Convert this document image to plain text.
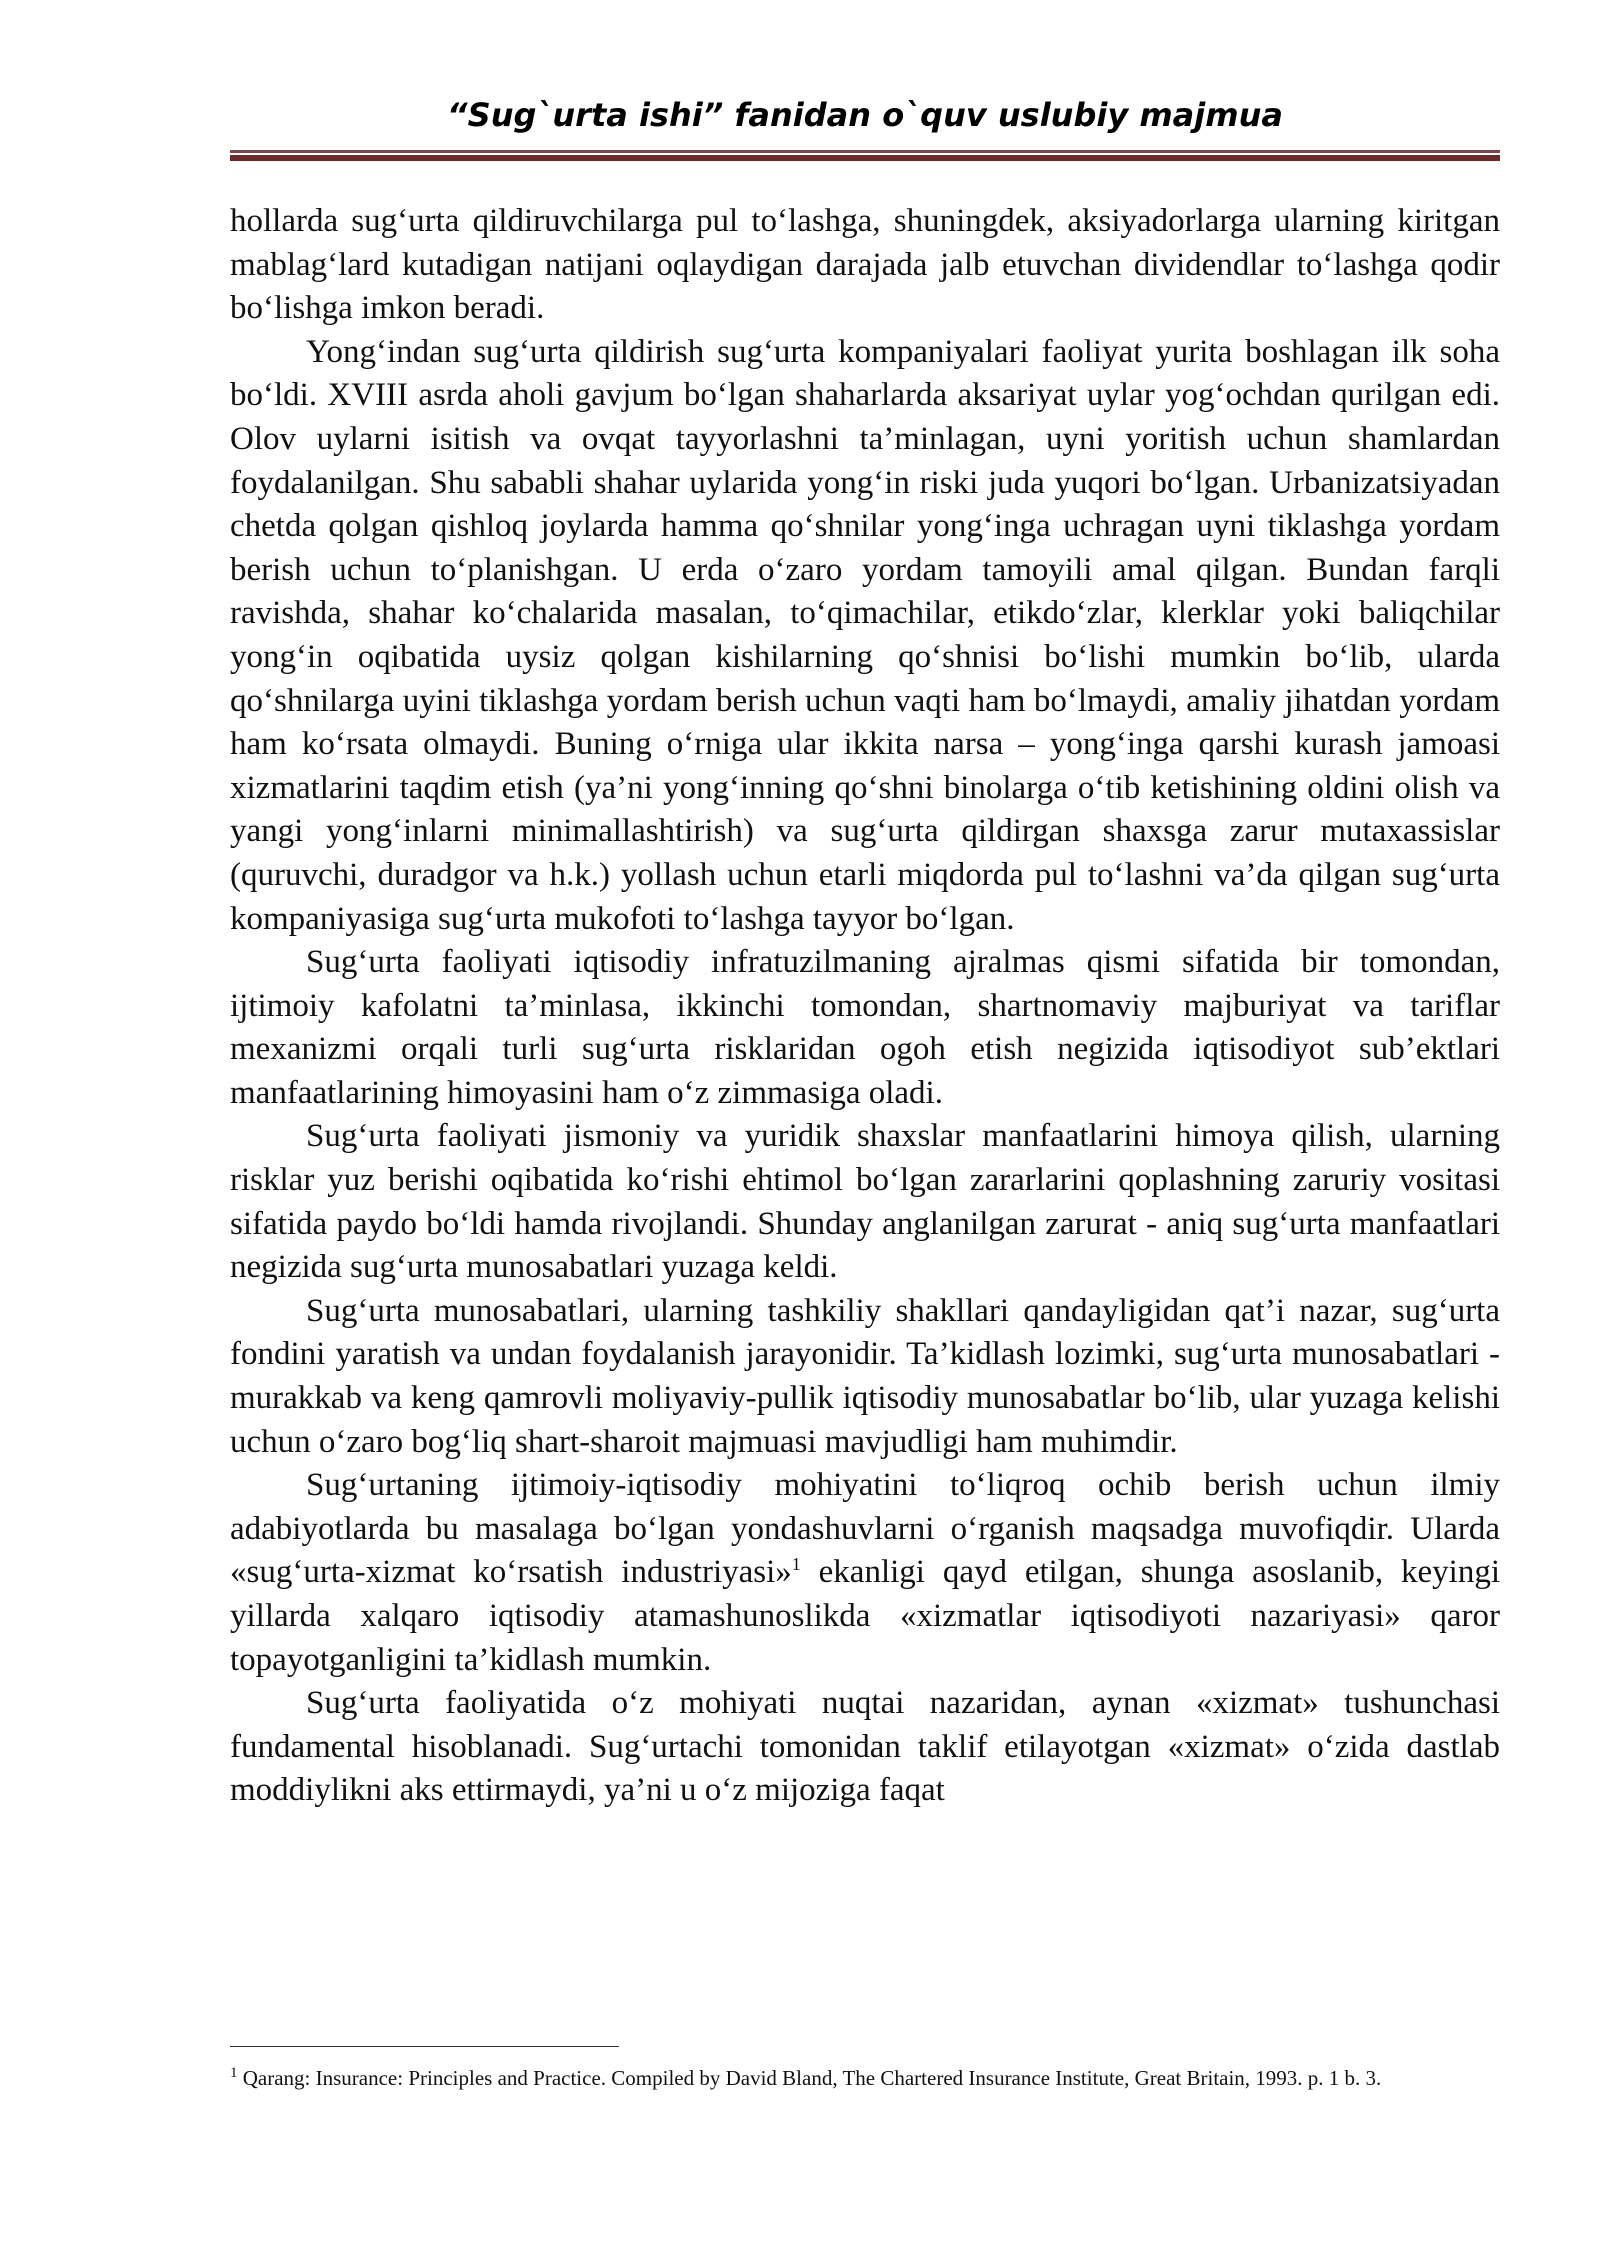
“Sug`urta ishi” fanidan o`quv uslubiy majmua

hollarda sug‘urta qildiruvchilarga pul to‘lashga, shuningdek, aksiyadorlarga ularning kiritgan mablag‘lard kutadigan natijani oqlaydigan darajada jalb etuvchan dividendlar to‘lashga qodir bo‘lishga imkon beradi.

Yong‘indan sug‘urta qildirish sug‘urta kompaniyalari faoliyat yurita boshlagan ilk soha bo‘ldi. XVIII asrda aholi gavjum bo‘lgan shaharlarda aksariyat uylar yog‘ochdan qurilgan edi. Olov uylarni isitish va ovqat tayyorlashni ta’minlagan, uyni yoritish uchun shamlardan foydalanilgan. Shu sababli shahar uylarida yong‘in riski juda yuqori bo‘lgan. Urbanizatsiyadan chetda qolgan qishloq joylarda hamma qo‘shnilar yong‘inga uchragan uyni tiklashga yordam berish uchun to‘planishgan. U erda o‘zaro yordam tamoyili amal qilgan. Bundan farqli ravishda, shahar ko‘chalarida masalan, to‘qimachilar, etikdo‘zlar, klerklar yoki baliqchilar yong‘in oqibatida uysiz qolgan kishilarning qo‘shnisi bo‘lishi mumkin bo‘lib, ularda qo‘shnilarga uyini tiklashga yordam berish uchun vaqti ham bo‘lmaydi, amaliy jihatdan yordam ham ko‘rsata olmaydi. Buning o‘rniga ular ikkita narsa – yong‘inga qarshi kurash jamoasi xizmatlarini taqdim etish (ya’ni yong‘inning qo‘shni binolarga o‘tib ketishining oldini olish va yangi yong‘inlarni minimallashtirish) va sug‘urta qildirgan shaxsga zarur mutaxassislar (quruvchi, duradgor va h.k.) yollash uchun etarli miqdorda pul to‘lashni va’da qilgan sug‘urta kompaniyasiga sug‘urta mukofoti to‘lashga tayyor bo‘lgan.

Sug‘urta faoliyati iqtisodiy infratuzilmaning ajralmas qismi sifatida bir tomondan, ijtimoiy kafolatni ta’minlasa, ikkinchi tomondan, shartnomaviy majburiyat va tariflar mexanizmi orqali turli sug‘urta risklaridan ogoh etish negizida iqtisodiyot sub’ektlari manfaatlarining himoyasini ham o‘z zimmasiga oladi.

Sug‘urta faoliyati jismoniy va yuridik shaxslar manfaatlarini himoya qilish, ularning risklar yuz berishi oqibatida ko‘rishi ehtimol bo‘lgan zararlarini qoplashning zaruriy vositasi sifatida paydo bo‘ldi hamda rivojlandi. Shunday anglanilgan zarurat - aniq sug‘urta manfaatlari negizida sug‘urta munosabatlari yuzaga keldi.

Sug‘urta munosabatlari, ularning tashkiliy shakllari qandayligidan qat’i nazar, sug‘urta fondini yaratish va undan foydalanish jarayonidir. Ta’kidlash lozimki, sug‘urta munosabatlari - murakkab va keng qamrovli moliyaviy-pullik iqtisodiy munosabatlar bo‘lib, ular yuzaga kelishi uchun o‘zaro bog‘liq shart-sharoit majmuasi mavjudligi ham muhimdir.

Sug‘urtaning ijtimoiy-iqtisodiy mohiyatini to‘liqroq ochib berish uchun ilmiy adabiyotlarda bu masalaga bo‘lgan yondashuvlarni o‘rganish maqsadga muvofiqdir. Ularda «sug‘urta-xizmat ko‘rsatish industriyasi»$^1$ ekanligi qayd etilgan, shunga asoslanib, keyingi yillarda xalqaro iqtisodiy atamashunoslikda «xizmatlar iqtisodiyoti nazariyasi» qaror topayotganligini ta’kidlash mumkin.

Sug‘urta faoliyatida o‘z mohiyati nuqtai nazaridan, aynan «xizmat» tushunchasi fundamental hisoblanadi. Sug‘urtachi tomonidan taklif etilayotgan «xizmat» o‘zida dastlab moddiylikni aks ettirmaydi, ya’ni u o‘z mijoziga faqat

$^1$ Qarang: Insurance: Principles and Practice. Compiled by David Bland, The Chartered Insurance Institute, Great Britain, 1993. p. 1 b. 3.
